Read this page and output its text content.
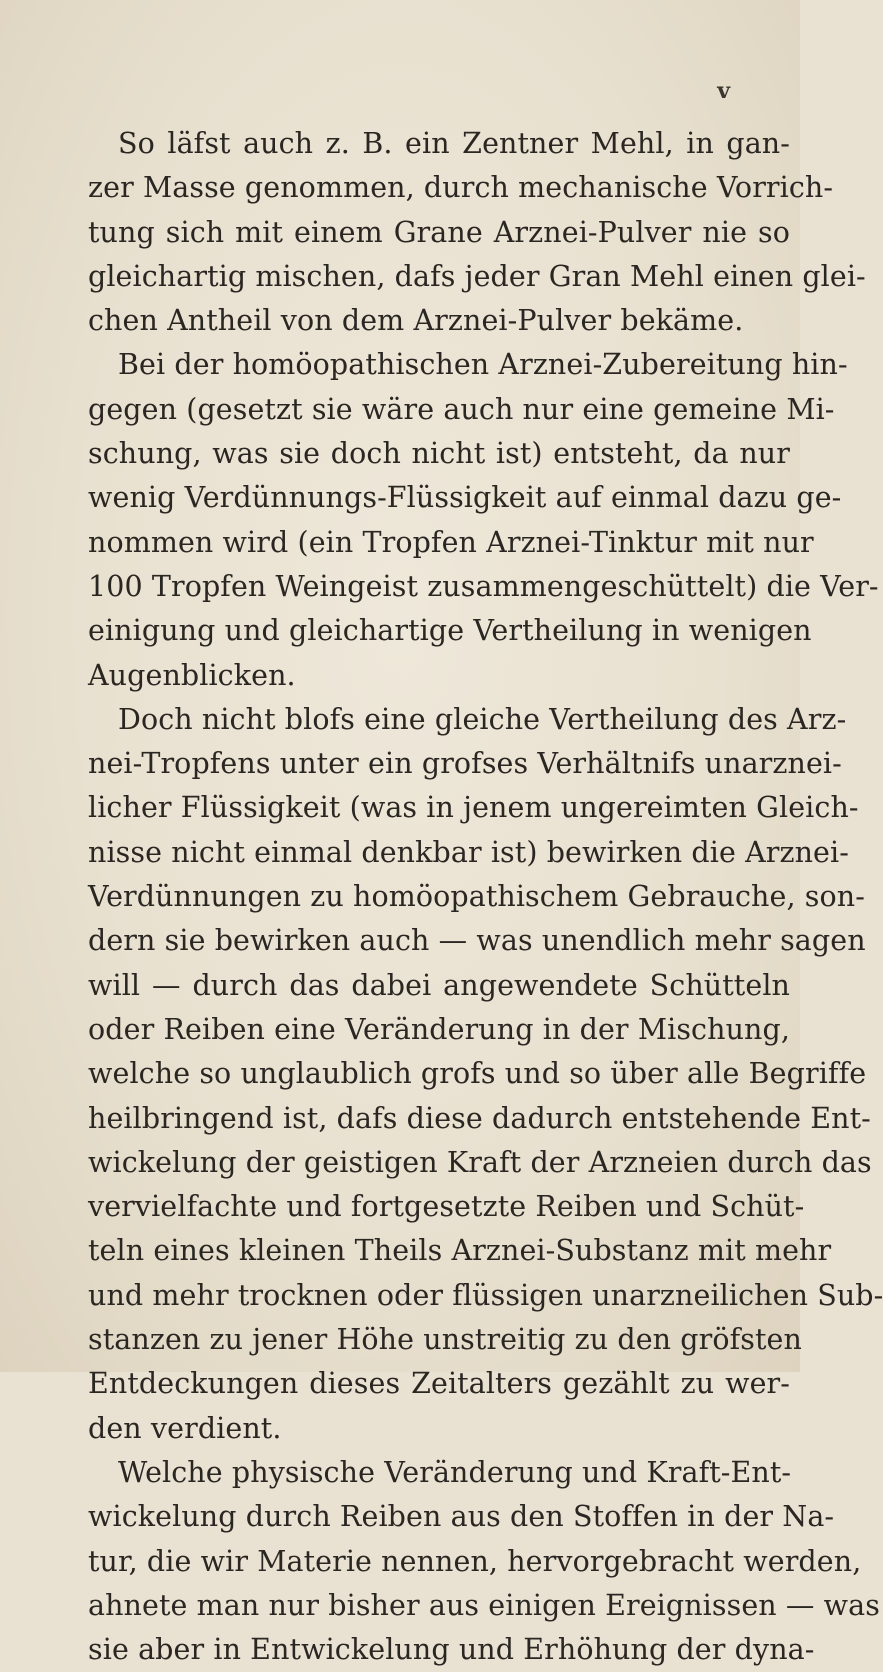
v
So läfst auch z. B. ein Zentner Mehl, in gan-
zer Masse genommen, durch mechanische Vorrich-
tung sich mit einem Grane Arznei-Pulver nie so
gleichartig mischen, dafs jeder Gran Mehl einen glei-
chen Antheil von dem Arznei-Pulver bekäme.
Bei der homöopathischen Arznei-Zubereitung hin-
gegen (gesetzt sie wäre auch nur eine gemeine Mi-
schung, was sie doch nicht ist) entsteht, da nur
wenig Verdünnungs-Flüssigkeit auf einmal dazu ge-
nommen wird (ein Tropfen Arznei-Tinktur mit nur
100 Tropfen Weingeist zusammengeschüttelt) die Ver-
einigung und gleichartige Vertheilung in wenigen
Augenblicken.
Doch nicht blofs eine gleiche Vertheilung des Arz-
nei-Tropfens unter ein grofses Verhältnifs unarznei-
licher Flüssigkeit (was in jenem ungereimten Gleich-
nisse nicht einmal denkbar ist) bewirken die Arznei-
Verdünnungen zu homöopathischem Gebrauche, son-
dern sie bewirken auch — was unendlich mehr sagen
will — durch das dabei angewendete Schütteln
oder Reiben eine Veränderung in der Mischung,
welche so unglaublich grofs und so über alle Begriffe
heilbringend ist, dafs diese dadurch entstehende Ent-
wickelung der geistigen Kraft der Arzneien durch das
vervielfachte und fortgesetzte Reiben und Schüt-
teln eines kleinen Theils Arznei-Substanz mit mehr
und mehr trocknen oder flüssigen unarzneilichen Sub-
stanzen zu jener Höhe unstreitig zu den gröfsten
Entdeckungen dieses Zeitalters gezählt zu wer-
den verdient.
Welche physische Veränderung und Kraft-Ent-
wickelung durch Reiben aus den Stoffen in der Na-
tur, die wir Materie nennen, hervorgebracht werden,
ahnete man nur bisher aus einigen Ereignissen — was
sie aber in Entwickelung und Erhöhung der dyna-
